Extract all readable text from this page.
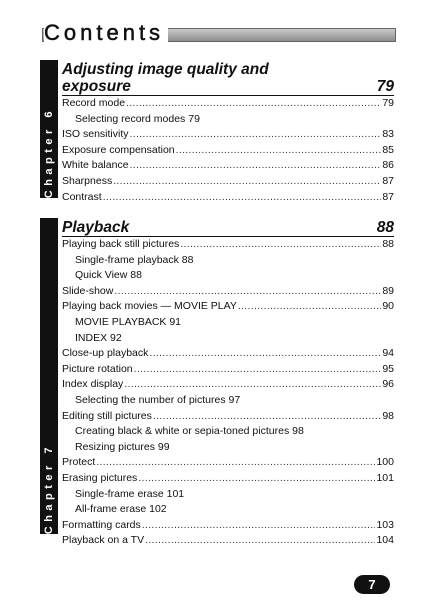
Contents
Chapter 6
Adjusting image quality and
exposure	79
Record mode .....	79
Selecting record modes 79
ISO sensitivity .....	83
Exposure compensation .....	85
White balance .....	86
Sharpness .....	87
Contrast .....	87
Chapter 7
Playback	88
Playing back still pictures .....	88
Single-frame playback 88
Quick View 88
Slide-show .....	89
Playing back movies — MOVIE PLAY .....	90
MOVIE PLAYBACK 91
INDEX 92
Close-up playback .....	94
Picture rotation .....	95
Index display .....	96
Selecting the number of pictures 97
Editing still pictures .....	98
Creating black & white or sepia-toned pictures 98
Resizing pictures 99
Protect .....	100
Erasing pictures .....	101
Single-frame erase 101
All-frame erase 102
Formatting cards .....	103
Playback on a TV .....	104
7
